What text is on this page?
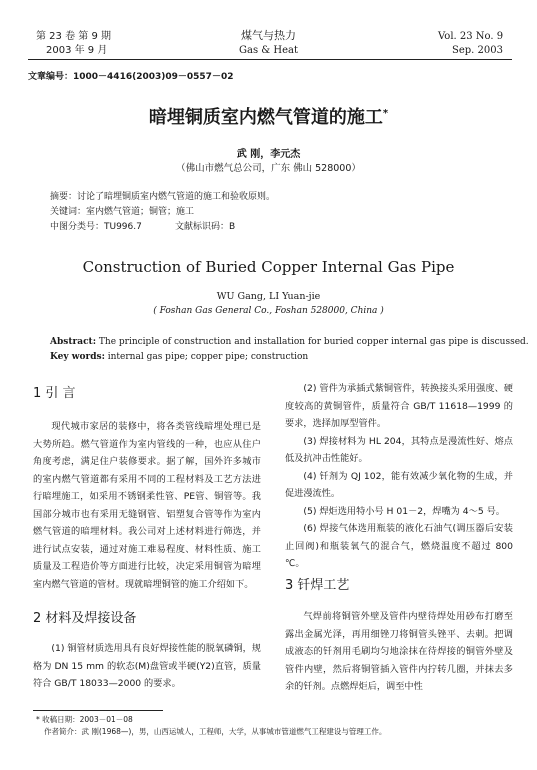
第 23 卷 第 9 期
2003 年 9 月
煤气与热力
Gas & Heat
Vol. 23 No. 9
Sep. 2003
文章编号：1000－4416(2003)09－0557－02
暗埋铜质室内燃气管道的施工*
武 刚，李元杰
（佛山市燃气总公司，广东 佛山 528000）
摘要：讨论了暗埋铜质室内燃气管道的施工和验收原则。
关键词：室内燃气管道；铜管；施工
中图分类号：TU996.7	文献标识码：B
Construction of Buried Copper Internal Gas Pipe
WU Gang, LI Yuan-jie
( Foshan Gas General Co., Foshan 528000, China )
Abstract: The principle of construction and installation for buried copper internal gas pipe is discussed.
Key words: internal gas pipe; copper pipe; construction
1 引 言
2 材料及焊接设备
3 钎焊工艺

现代城市家居的装修中，将各类管线暗埋处理已是大势所趋。燃气管道作为室内管线的一种，也应从住户角度考虑，满足住户装修要求。据了解，国外许多城市的室内燃气管道都有采用不同的工程材料及工艺方法进行暗埋施工，如采用不锈钢柔性管、PE管、铜管等。我国部分城市也有采用无缝钢管、铝塑复合管等作为室内燃气管道的暗埋材料。我公司对上述材料进行筛选，并进行试点安装，通过对施工难易程度、材料性质、施工质量及工程造价等方面进行比较，决定采用铜管为暗埋室内燃气管道的管材。现就暗埋铜管的施工介绍如下。

(1) 铜管材质选用具有良好焊接性能的脱氧磷铜，规格为 DN 15 mm 的软态(M)盘管或半硬(Y2)直管，质量符合 GB/T 18033—2000 的要求。

(2) 管件为承插式紫铜管件，转换接头采用强度、硬度较高的黄铜管件，质量符合 GB/T 11618—1999 的要求，选择加厚型管件。

(3) 焊接材料为 HL 204，其特点是漫流性好、熔点低及抗冲击性能好。

(4) 钎剂为 QJ 102，能有效减少氧化物的生成，并促进漫流性。

(5) 焊炬选用特小号 H 01－2，焊嘴为 4～5 号。

(6) 焊接气体选用瓶装的液化石油气(调压器后安装止回阀)和瓶装氧气的混合气，燃烧温度不超过 800 ℃。

气焊前将铜管外壁及管件内壁待焊处用砂布打磨至露出金属光泽，再用细锉刀将铜管头锉平、去刺。把调成液态的钎剂用毛刷均匀地涂抹在待焊接的铜管外壁及管件内壁，然后将铜管插入管件内拧转几圈，并抹去多余的钎剂。点燃焊炬后，调至中性

* 收稿日期：2003－01－08
作者简介：武 刚(1968—)，男，山西运城人，工程师，大学，从事城市管道燃气工程建设与管理工作。
